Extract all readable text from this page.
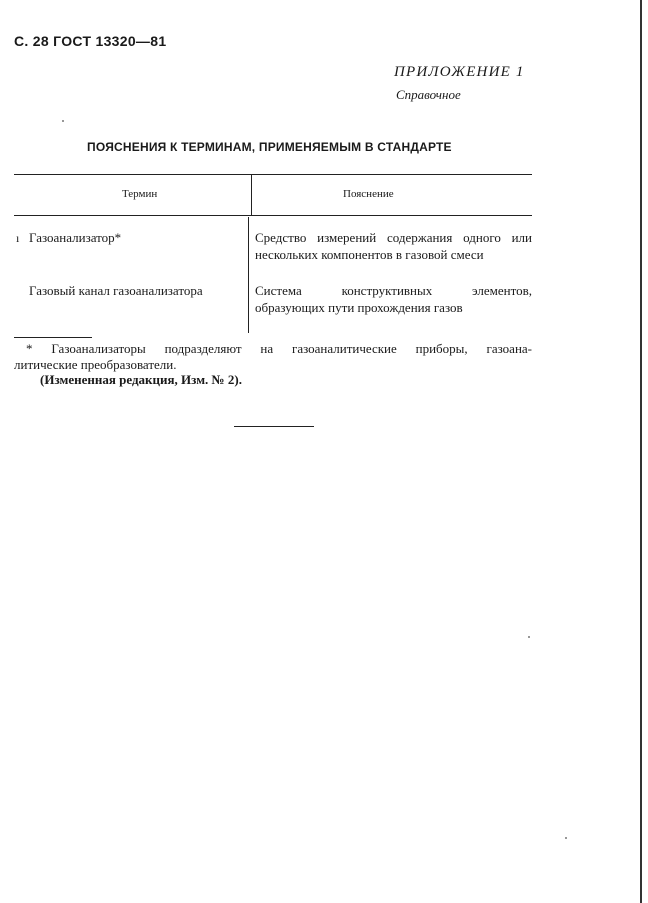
С. 28 ГОСТ 13320—81
ПРИЛОЖЕНИЕ 1
Справочное
ПОЯСНЕНИЯ К ТЕРМИНАМ, ПРИМЕНЯЕМЫМ В СТАНДАРТЕ
Термин	Пояснение
ı Газоанализатор*	Средство измерений содержания одного или нескольких компонентов в газовой смеси
Газовый канал газоанализатора	Система конструктивных элементов, образующих пути прохождения газов

* Газоанализаторы подразделяют на газоаналитические приборы, газоана-

литические преобразователи.

(Измененная редакция, Изм. № 2).
